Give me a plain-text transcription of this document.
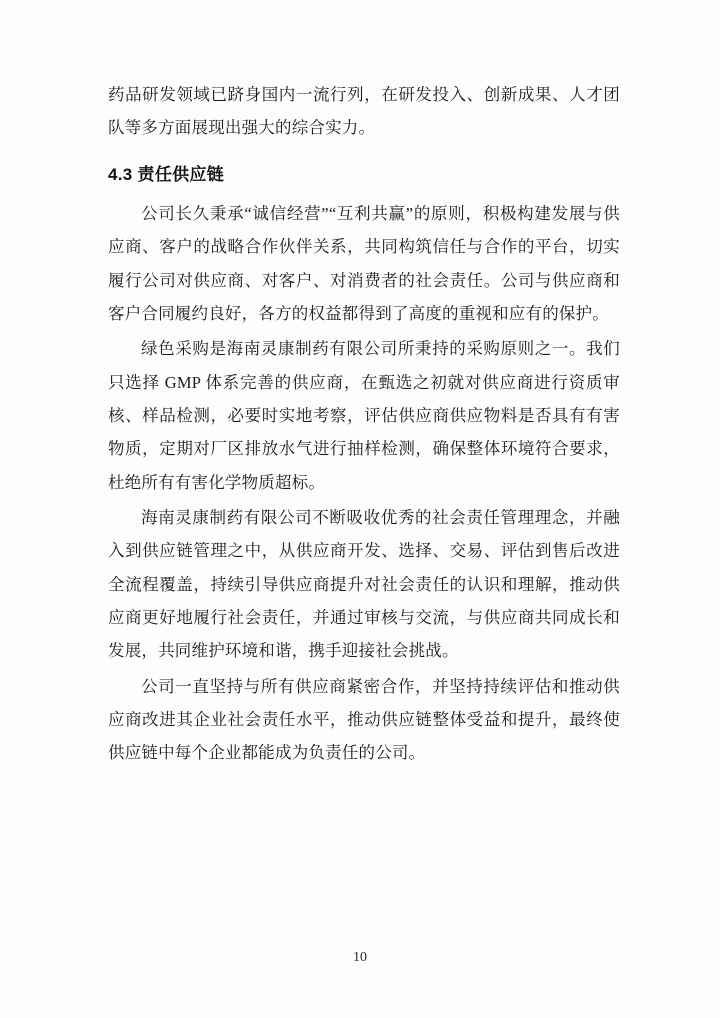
药品研发领域已跻身国内一流行列，在研发投入、创新成果、人才团队等多方面展现出强大的综合实力。

4.3 责任供应链

公司长久秉承“诚信经营”“互利共赢”的原则，积极构建发展与供应商、客户的战略合作伙伴关系，共同构筑信任与合作的平台，切实履行公司对供应商、对客户、对消费者的社会责任。公司与供应商和客户合同履约良好，各方的权益都得到了高度的重视和应有的保护。

绿色采购是海南灵康制药有限公司所秉持的采购原则之一。我们只选择 GMP 体系完善的供应商，在甄选之初就对供应商进行资质审核、样品检测，必要时实地考察，评估供应商供应物料是否具有有害物质，定期对厂区排放水气进行抽样检测，确保整体环境符合要求，杜绝所有有害化学物质超标。

海南灵康制药有限公司不断吸收优秀的社会责任管理理念，并融入到供应链管理之中，从供应商开发、选择、交易、评估到售后改进全流程覆盖，持续引导供应商提升对社会责任的认识和理解，推动供应商更好地履行社会责任，并通过审核与交流，与供应商共同成长和发展，共同维护环境和谐，携手迎接社会挑战。

公司一直坚持与所有供应商紧密合作，并坚持持续评估和推动供应商改进其企业社会责任水平，推动供应链整体受益和提升，最终使供应链中每个企业都能成为负责任的公司。

10
